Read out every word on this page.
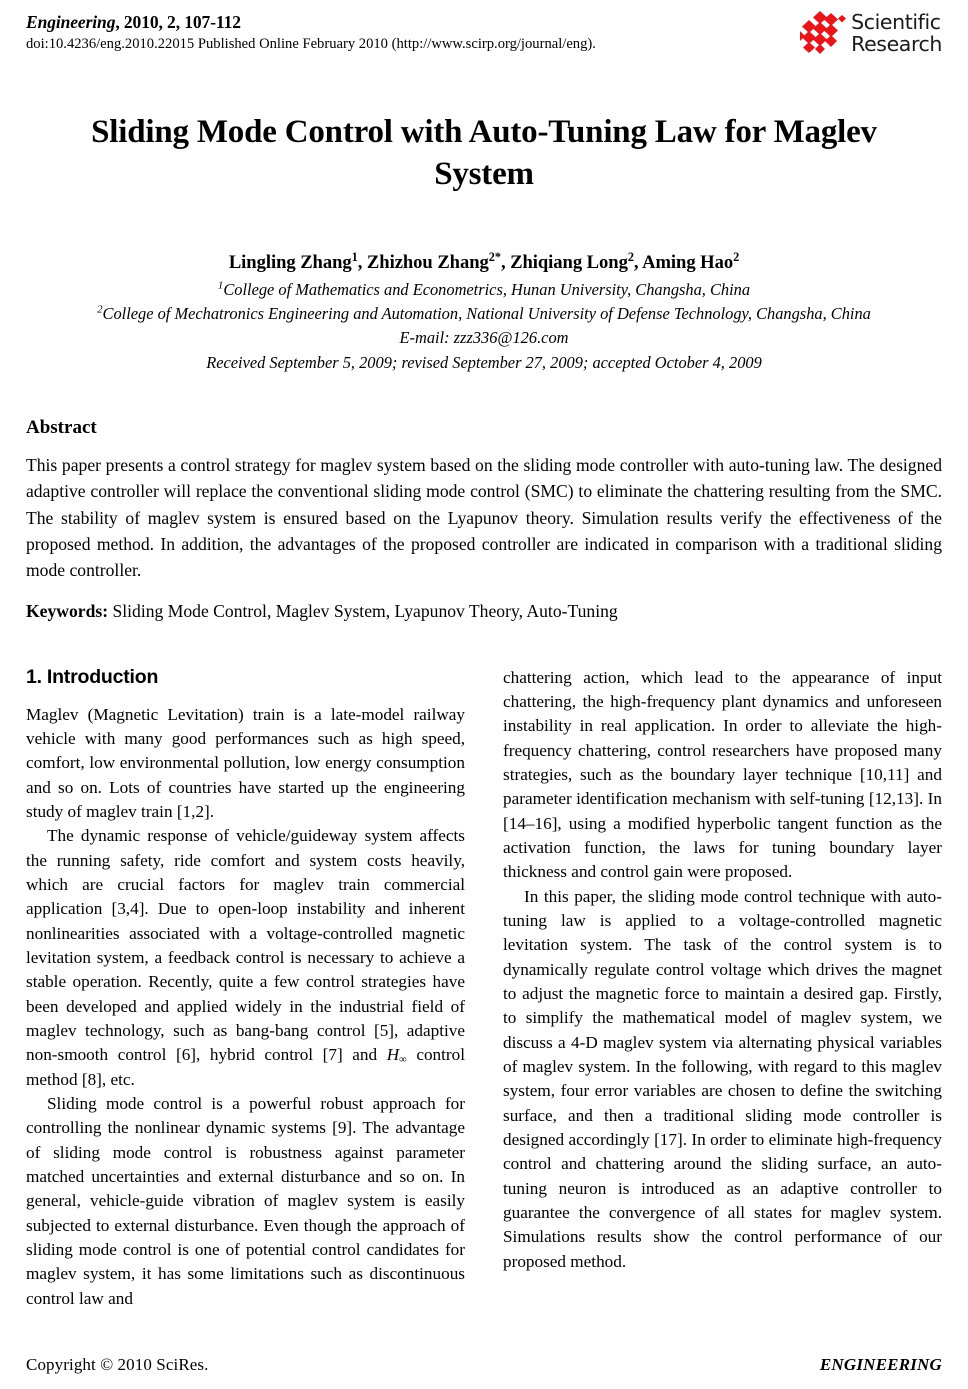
Engineering, 2010, 2, 107-112
doi:10.4236/eng.2010.22015 Published Online February 2010 (http://www.scirp.org/journal/eng).
Scientific
Research
Sliding Mode Control with Auto-Tuning Law for Maglev System
Lingling Zhang$^1$, Zhizhou Zhang$^{2*}$, Zhiqiang Long$^2$, Aming Hao$^2$
$^1$College of Mathematics and Econometrics, Hunan University, Changsha, China
$^2$College of Mechatronics Engineering and Automation, National University of Defense Technology, Changsha, China
E-mail: zzz336@126.com
Received September 5, 2009; revised September 27, 2009; accepted October 4, 2009
Abstract
This paper presents a control strategy for maglev system based on the sliding mode controller with auto-tuning law. The designed adaptive controller will replace the conventional sliding mode control (SMC) to eliminate the chattering resulting from the SMC. The stability of maglev system is ensured based on the Lyapunov theory. Simulation results verify the effectiveness of the proposed method. In addition, the advantages of the proposed controller are indicated in comparison with a traditional sliding mode controller.
Keywords: Sliding Mode Control, Maglev System, Lyapunov Theory, Auto-Tuning
1. Introduction

Maglev (Magnetic Levitation) train is a late-model railway vehicle with many good performances such as high speed, comfort, low environmental pollution, low energy consumption and so on. Lots of countries have started up the engineering study of maglev train [1,2].

The dynamic response of vehicle/guideway system affects the running safety, ride comfort and system costs heavily, which are crucial factors for maglev train commercial application [3,4]. Due to open-loop instability and inherent nonlinearities associated with a voltage-controlled magnetic levitation system, a feedback control is necessary to achieve a stable operation. Recently, quite a few control strategies have been developed and applied widely in the industrial field of maglev technology, such as bang-bang control [5], adaptive non-smooth control [6], hybrid control [7] and $H_\infty$ control method [8], etc.

Sliding mode control is a powerful robust approach for controlling the nonlinear dynamic systems [9]. The advantage of sliding mode control is robustness against parameter matched uncertainties and external disturbance and so on. In general, vehicle-guide vibration of maglev system is easily subjected to external disturbance. Even though the approach of sliding mode control is one of potential control candidates for maglev system, it has some limitations such as discontinuous control law and

chattering action, which lead to the appearance of input chattering, the high-frequency plant dynamics and unforeseen instability in real application. In order to alleviate the high-frequency chattering, control researchers have proposed many strategies, such as the boundary layer technique [10,11] and parameter identification mechanism with self-tuning [12,13]. In [14–16], using a modified hyperbolic tangent function as the activation function, the laws for tuning boundary layer thickness and control gain were proposed.

In this paper, the sliding mode control technique with auto-tuning law is applied to a voltage-controlled magnetic levitation system. The task of the control system is to dynamically regulate control voltage which drives the magnet to adjust the magnetic force to maintain a desired gap. Firstly, to simplify the mathematical model of maglev system, we discuss a 4-D maglev system via alternating physical variables of maglev system. In the following, with regard to this maglev system, four error variables are chosen to define the switching surface, and then a traditional sliding mode controller is designed accordingly [17]. In order to eliminate high-frequency control and chattering around the sliding surface, an auto-tuning neuron is introduced as an adaptive controller to guarantee the convergence of all states for maglev system. Simulations results show the control performance of our proposed method.

Copyright © 2010 SciRes.	ENGINEERING
